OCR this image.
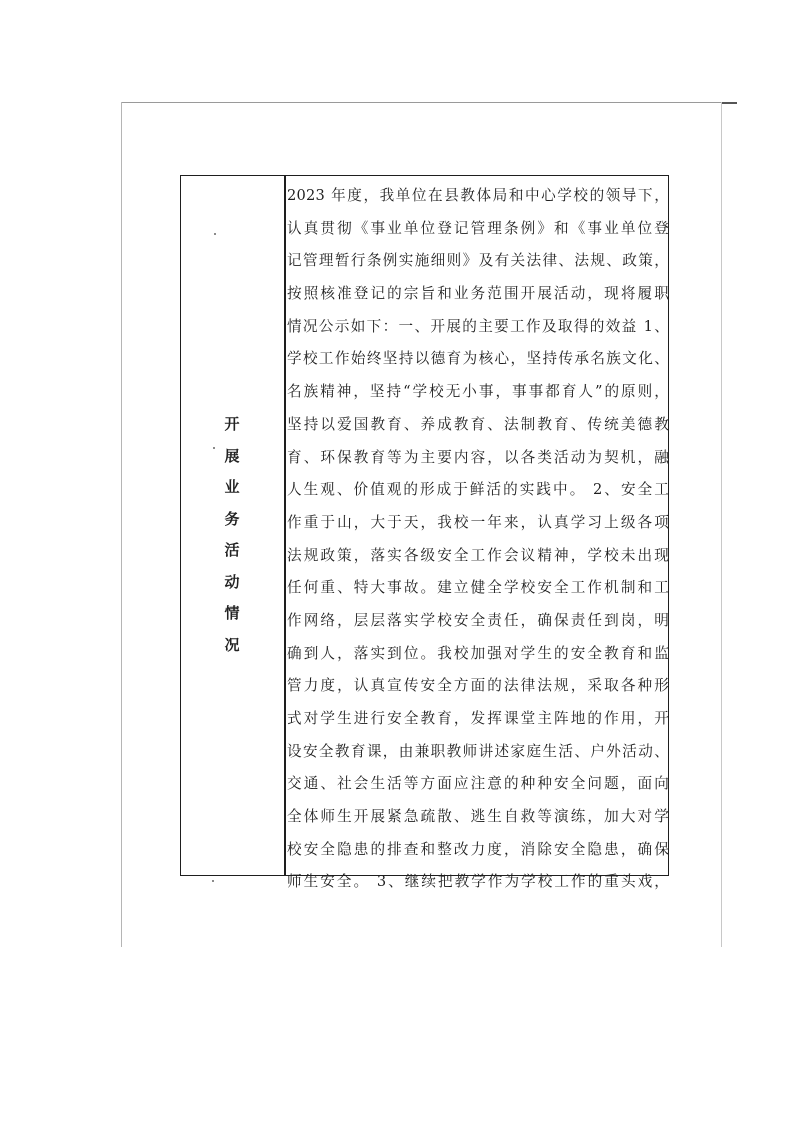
开
展
业
务
活
动
情
况
2023 年度，我单位在县教体局和中心学校的领导下，
认真贯彻《事业单位登记管理条例》和《事业单位登
记管理暂行条例实施细则》及有关法律、法规、政策，
按照核准登记的宗旨和业务范围开展活动，现将履职
情况公示如下：一、开展的主要工作及取得的效益 1、
学校工作始终坚持以德育为核心，坚持传承名族文化、
名族精神，坚持“学校无小事，事事都育人”的原则，
坚持以爱国教育、养成教育、法制教育、传统美德教
育、环保教育等为主要内容，以各类活动为契机，融
人生观、价值观的形成于鲜活的实践中。 2、安全工
作重于山，大于天，我校一年来，认真学习上级各项
法规政策，落实各级安全工作会议精神，学校未出现
任何重、特大事故。建立健全学校安全工作机制和工
作网络，层层落实学校安全责任，确保责任到岗，明
确到人，落实到位。我校加强对学生的安全教育和监
管力度，认真宣传安全方面的法律法规，采取各种形
式对学生进行安全教育，发挥课堂主阵地的作用，开
设安全教育课，由兼职教师讲述家庭生活、户外活动、
交通、社会生活等方面应注意的种种安全问题，面向
全体师生开展紧急疏散、逃生自救等演练，加大对学
校安全隐患的排查和整改力度，消除安全隐患，确保
师生安全。 3、继续把教学作为学校工作的重头戏，
